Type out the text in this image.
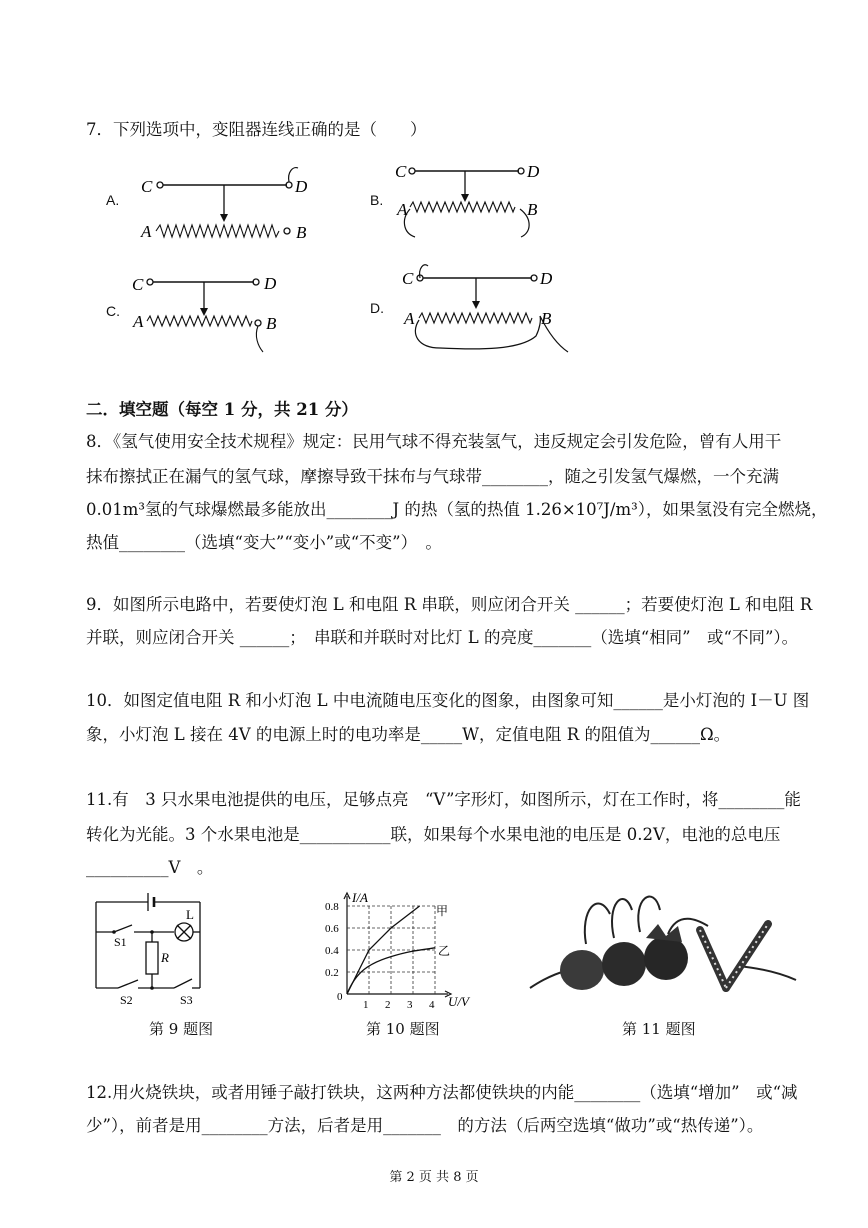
7．下列选项中，变阻器连线正确的是（　　）
A.
C	D
A	B
B.
C	D
A	B
C.
C	D
A	B
D.
C	D
A	B
二．填空题（每空 1 分，共 21 分）
8．《氢气使用安全技术规程》规定：民用气球不得充装氢气，违反规定会引发危险，曾有人用干
抹布擦拭正在漏气的氢气球，摩擦导致干抹布与气球带________，随之引发氢气爆燃，一个充满
0.01m³氢的气球爆燃最多能放出________J 的热（氢的热值 1.26×10⁷J/m³），如果氢没有完全燃烧，
热值________（选填“变大”“变小”或“不变”）　。
9．如图所示电路中，若要使灯泡 L 和电阻 R 串联，则应闭合开关 ______；若要使灯泡 L 和电阻 R
并联，则应闭合开关 ______；　串联和并联时对比灯 L 的亮度_______（选填“相同”　或“不同”）。
10．如图定值电阻 R 和小灯泡 L 中电流随电压变化的图象，由图象可知______是小灯泡的 I－U 图
象，小灯泡 L 接在 4V 的电源上时的电功率是_____W，定值电阻 R 的阻值为______Ω。
11.有　3 只水果电池提供的电压，足够点亮　“V”字形灯，如图所示，灯在工作时，将________能
转化为光能。3 个水果电池是___________联，如果每个水果电池的电压是 0.2V，电池的总电压
__________V　。
S1
L
R
S2	S3
第 9 题图
I/A
U/V
0
0.2
0.4
0.6
0.8
1 2 3 4
甲
乙
第 10 题图	第 11 题图
12.用火烧铁块，或者用锤子敲打铁块，这两种方法都使铁块的内能________（选填“增加”　或“减
少”），前者是用________方法，后者是用_______　的方法（后两空选填“做功”或“热传递”）。
第 2 页 共 8 页
